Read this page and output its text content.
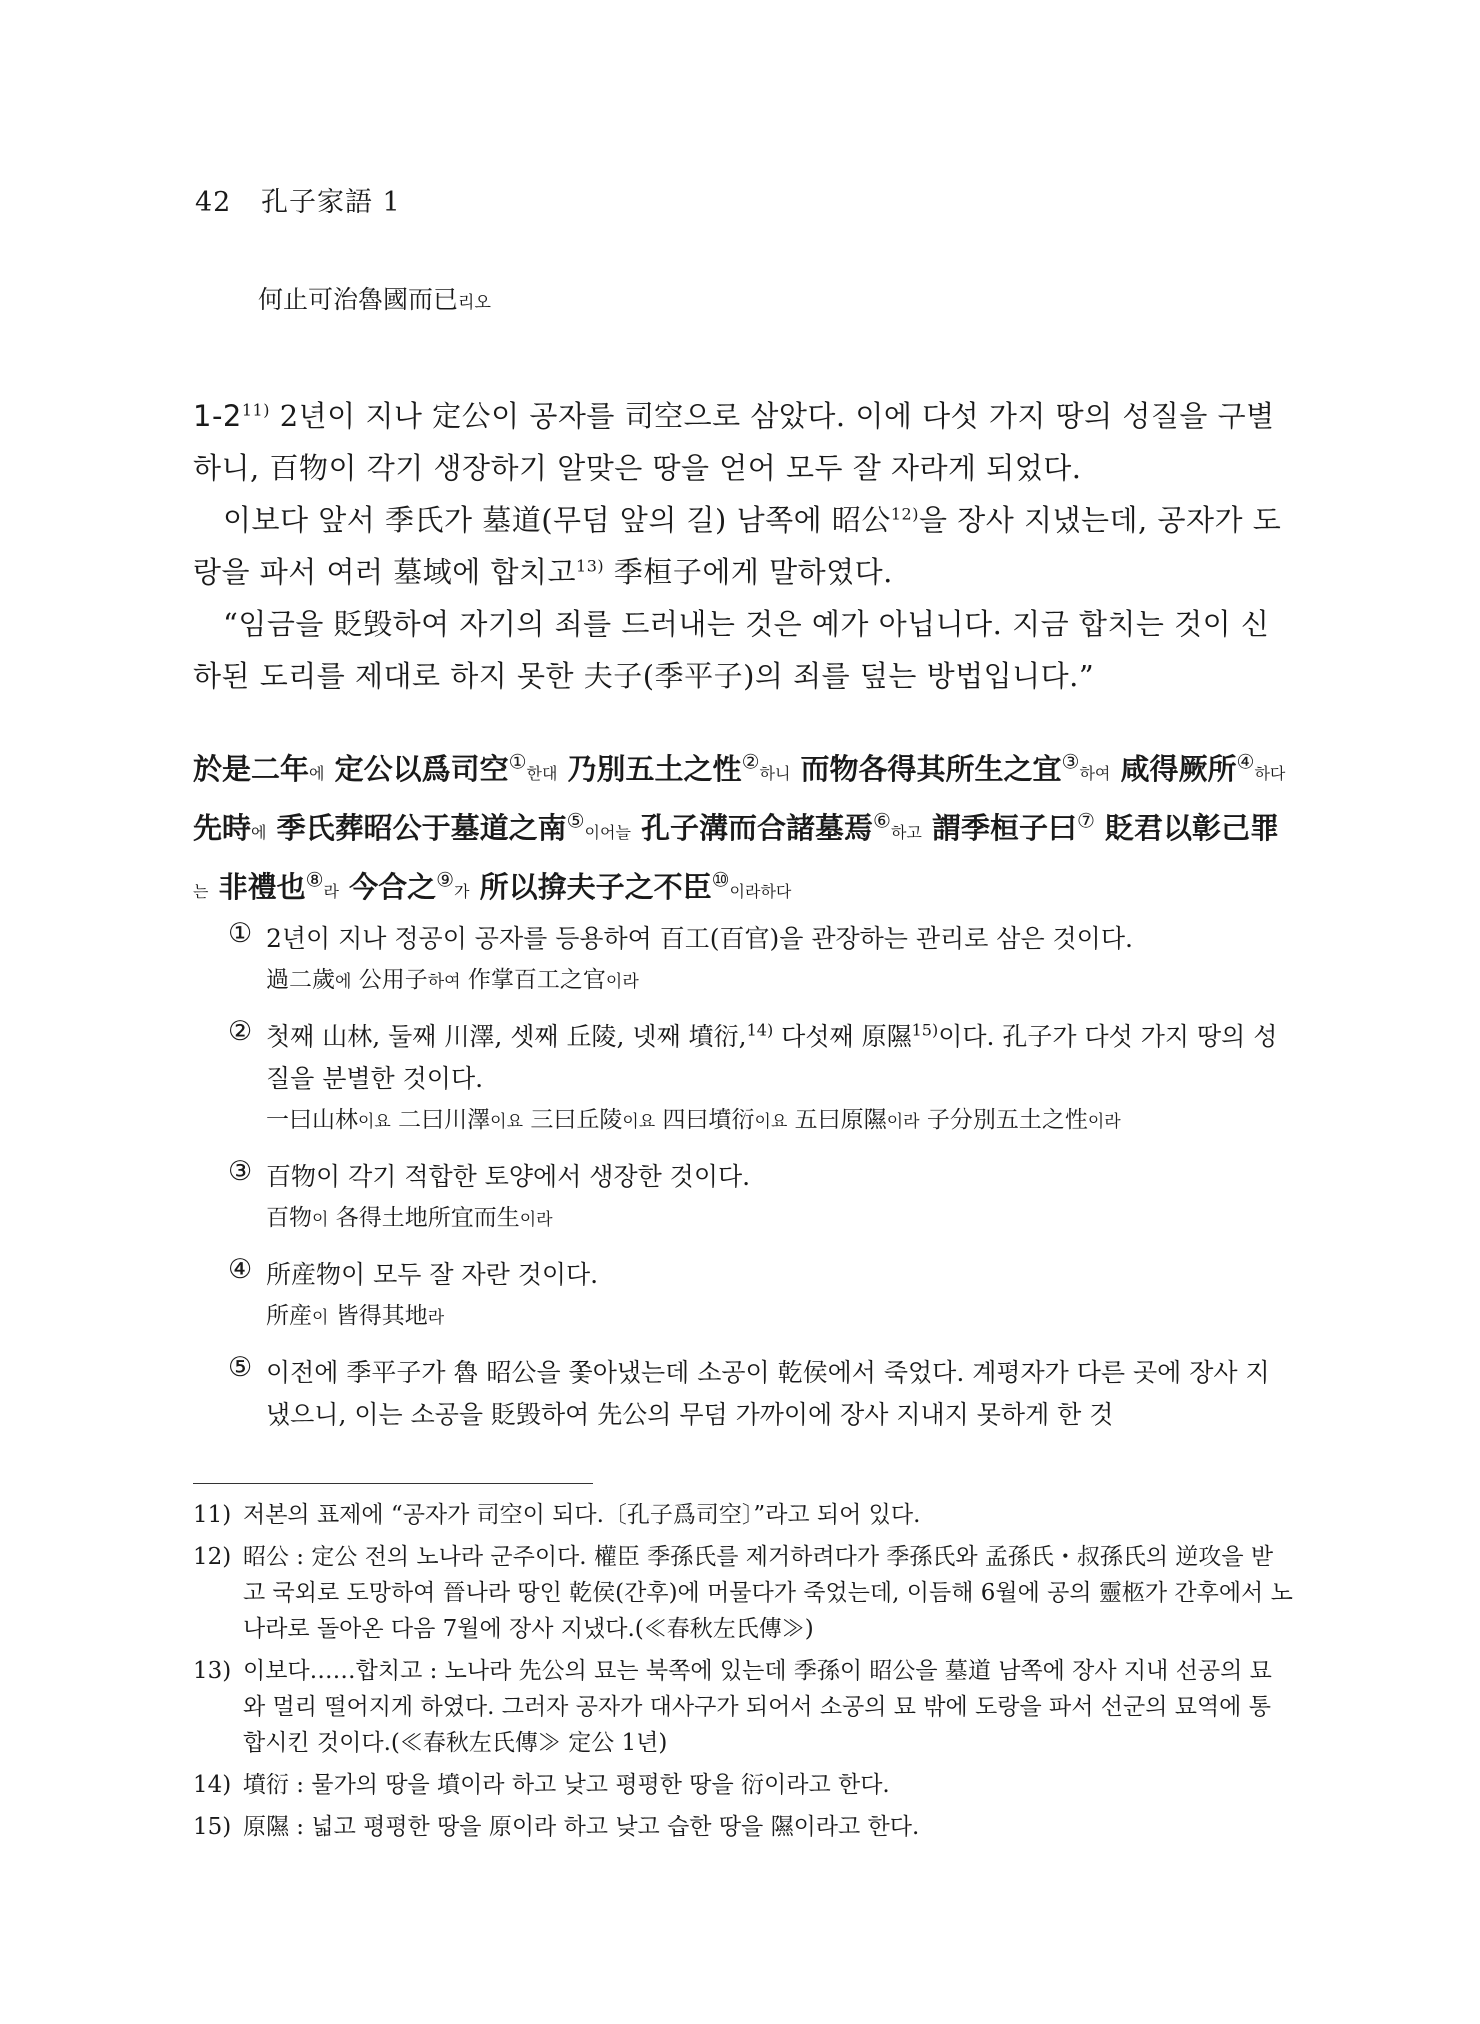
42 孔子家語 1
何止可治魯國而已리오

1-2$^{11)}$ 2년이 지나 定公이 공자를 司空으로 삼았다. 이에 다섯 가지 땅의 성질을 구별하니, 百物이 각기 생장하기 알맞은 땅을 얻어 모두 잘 자라게 되었다.

이보다 앞서 季氏가 墓道(무덤 앞의 길) 남쪽에 昭公$^{12)}$을 장사 지냈는데, 공자가 도랑을 파서 여러 墓域에 합치고$^{13)}$ 季桓子에게 말하였다.

“임금을 貶毁하여 자기의 죄를 드러내는 것은 예가 아닙니다. 지금 합치는 것이 신하된 도리를 제대로 하지 못한 夫子(季平子)의 죄를 덮는 방법입니다.”

於是二年에 定公以爲司空①한대 乃別五土之性②하니 而物各得其所生之宜③하여 咸得厥所④하다 先時에 季氏葬昭公于墓道之南⑤이어늘 孔子溝而合諸墓焉⑥하고 謂季桓子曰⑦ 貶君以彰己罪는 非禮也⑧라 今合之⑨가 所以揜夫子之不臣⑩이라하다
① 2년이 지나 정공이 공자를 등용하여 百工(百官)을 관장하는 관리로 삼은 것이다.
過二歲에 公用子하여 作掌百工之官이라
② 첫째 山林, 둘째 川澤, 셋째 丘陵, 넷째 墳衍,$^{14)}$ 다섯째 原隰$^{15)}$이다. 孔子가 다섯 가지 땅의 성질을 분별한 것이다.
一曰山林이요 二曰川澤이요 三曰丘陵이요 四曰墳衍이요 五曰原隰이라 子分別五土之性이라
③ 百物이 각기 적합한 토양에서 생장한 것이다.
百物이 各得土地所宜而生이라
④ 所産物이 모두 잘 자란 것이다.
所産이 皆得其地라
⑤ 이전에 季平子가 魯 昭公을 쫓아냈는데 소공이 乾侯에서 죽었다. 계평자가 다른 곳에 장사 지냈으니, 이는 소공을 貶毁하여 先公의 무덤 가까이에 장사 지내지 못하게 한 것
11) 저본의 표제에 “공자가 司空이 되다.〔孔子爲司空〕”라고 되어 있다.
12) 昭公 : 定公 전의 노나라 군주이다. 權臣 季孫氏를 제거하려다가 季孫氏와 孟孫氏・叔孫氏의 逆攻을 받고 국외로 도망하여 晉나라 땅인 乾侯(간후)에 머물다가 죽었는데, 이듬해 6월에 공의 靈柩가 간후에서 노나라로 돌아온 다음 7월에 장사 지냈다.(≪春秋左氏傳≫)
13) 이보다……합치고 : 노나라 先公의 묘는 북쪽에 있는데 季孫이 昭公을 墓道 남쪽에 장사 지내 선공의 묘와 멀리 떨어지게 하였다. 그러자 공자가 대사구가 되어서 소공의 묘 밖에 도랑을 파서 선군의 묘역에 통합시킨 것이다.(≪春秋左氏傳≫ 定公 1년)
14) 墳衍 : 물가의 땅을 墳이라 하고 낮고 평평한 땅을 衍이라고 한다.
15) 原隰 : 넓고 평평한 땅을 原이라 하고 낮고 습한 땅을 隰이라고 한다.
